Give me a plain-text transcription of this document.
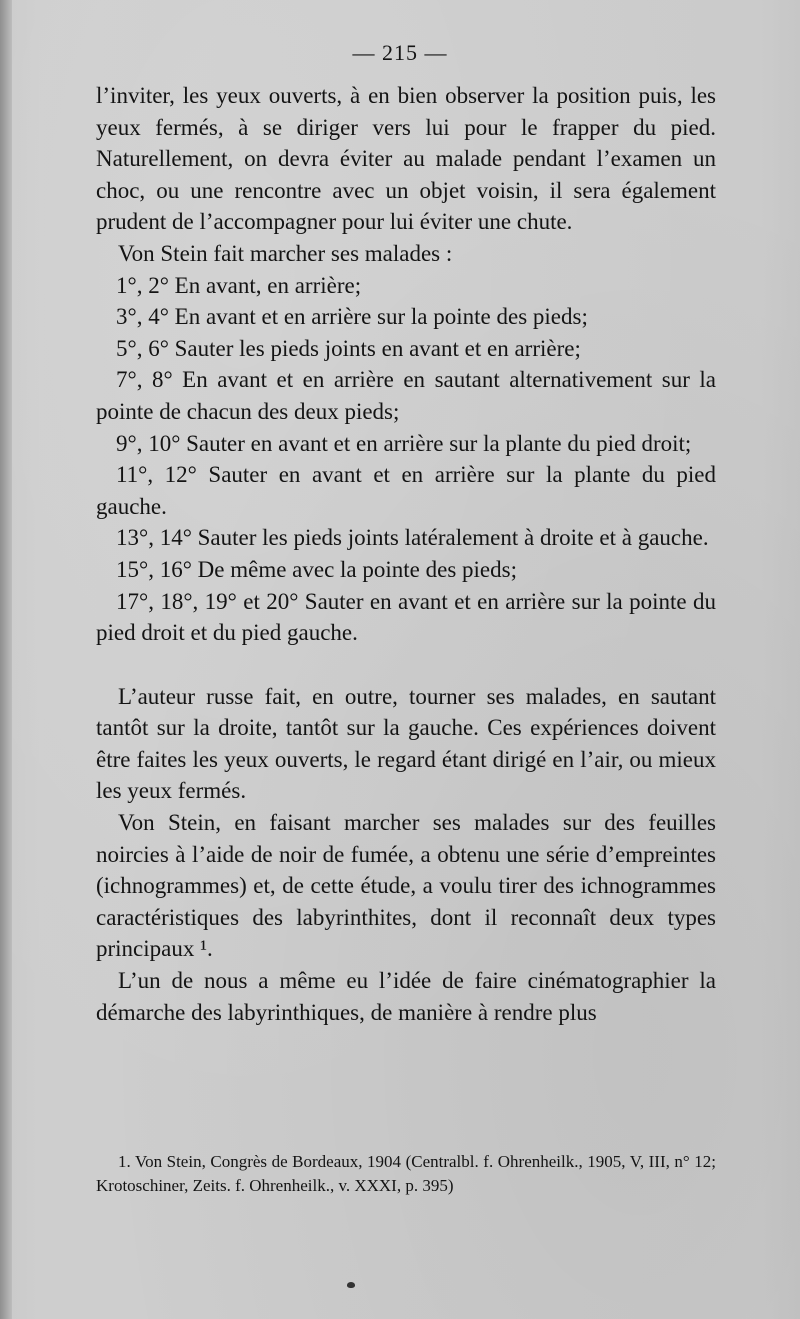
— 215 —

l’inviter, les yeux ouverts, à en bien observer la position puis, les yeux fermés, à se diriger vers lui pour le frapper du pied. Naturellement, on devra éviter au malade pendant l’examen un choc, ou une rencontre avec un objet voisin, il sera également prudent de l’accompagner pour lui éviter une chute.

Von Stein fait marcher ses malades :

1°, 2° En avant, en arrière;

3°, 4° En avant et en arrière sur la pointe des pieds;

5°, 6° Sauter les pieds joints en avant et en arrière;

7°, 8° En avant et en arrière en sautant alternativement sur la pointe de chacun des deux pieds;

9°, 10° Sauter en avant et en arrière sur la plante du pied droit;

11°, 12° Sauter en avant et en arrière sur la plante du pied gauche.

13°, 14° Sauter les pieds joints latéralement à droite et à gauche.

15°, 16° De même avec la pointe des pieds;

17°, 18°, 19° et 20° Sauter en avant et en arrière sur la pointe du pied droit et du pied gauche.

L’auteur russe fait, en outre, tourner ses malades, en sautant tantôt sur la droite, tantôt sur la gauche. Ces expériences doivent être faites les yeux ouverts, le regard étant dirigé en l’air, ou mieux les yeux fermés.

Von Stein, en faisant marcher ses malades sur des feuilles noircies à l’aide de noir de fumée, a obtenu une série d’empreintes (ichnogrammes) et, de cette étude, a voulu tirer des ichnogrammes caractéristiques des labyrinthites, dont il reconnaît deux types principaux ¹.

L’un de nous a même eu l’idée de faire cinématographier la démarche des labyrinthiques, de manière à rendre plus

1. Von Stein, Congrès de Bordeaux, 1904 (Centralbl. f. Ohrenheilk., 1905, V, III, n° 12; Krotoschiner, Zeits. f. Ohrenheilk., v. XXXI, p. 395)
